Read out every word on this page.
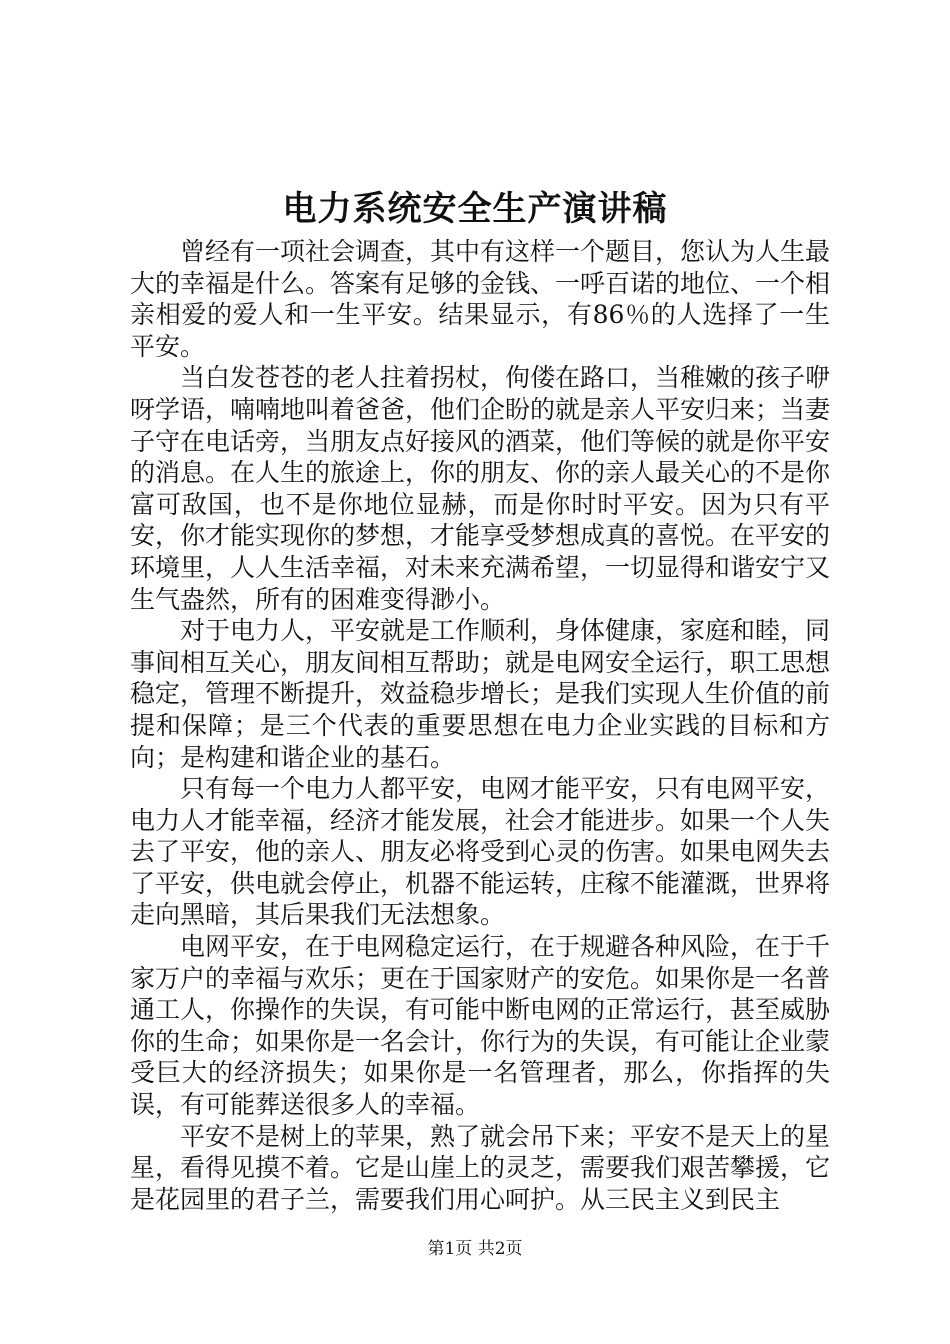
电力系统安全生产演讲稿

曾经有一项社会调查，其中有这样一个题目，您认为人生最大的幸福是什么。答案有足够的金钱、一呼百诺的地位、一个相亲相爱的爱人和一生平安。结果显示，有86％的人选择了一生平安。

当白发苍苍的老人拄着拐杖，佝偻在路口，当稚嫩的孩子咿呀学语，喃喃地叫着爸爸，他们企盼的就是亲人平安归来；当妻子守在电话旁，当朋友点好接风的酒菜，他们等候的就是你平安的消息。在人生的旅途上，你的朋友、你的亲人最关心的不是你富可敌国，也不是你地位显赫，而是你时时平安。因为只有平安，你才能实现你的梦想，才能享受梦想成真的喜悦。在平安的环境里，人人生活幸福，对未来充满希望，一切显得和谐安宁又生气盎然，所有的困难变得渺小。

对于电力人，平安就是工作顺利，身体健康，家庭和睦，同事间相互关心，朋友间相互帮助；就是电网安全运行，职工思想稳定，管理不断提升，效益稳步增长；是我们实现人生价值的前提和保障；是三个代表的重要思想在电力企业实践的目标和方向；是构建和谐企业的基石。

只有每一个电力人都平安，电网才能平安，只有电网平安，电力人才能幸福，经济才能发展，社会才能进步。如果一个人失去了平安，他的亲人、朋友必将受到心灵的伤害。如果电网失去了平安，供电就会停止，机器不能运转，庄稼不能灌溉，世界将走向黑暗，其后果我们无法想象。

电网平安，在于电网稳定运行，在于规避各种风险，在于千家万户的幸福与欢乐；更在于国家财产的安危。如果你是一名普通工人，你操作的失误，有可能中断电网的正常运行，甚至威胁你的生命；如果你是一名会计，你行为的失误，有可能让企业蒙受巨大的经济损失；如果你是一名管理者，那么，你指挥的失误，有可能葬送很多人的幸福。

平安不是树上的苹果，熟了就会吊下来；平安不是天上的星星，看得见摸不着。它是山崖上的灵芝，需要我们艰苦攀援，它是花园里的君子兰，需要我们用心呵护。从三民主义到民主

第1页 共2页
